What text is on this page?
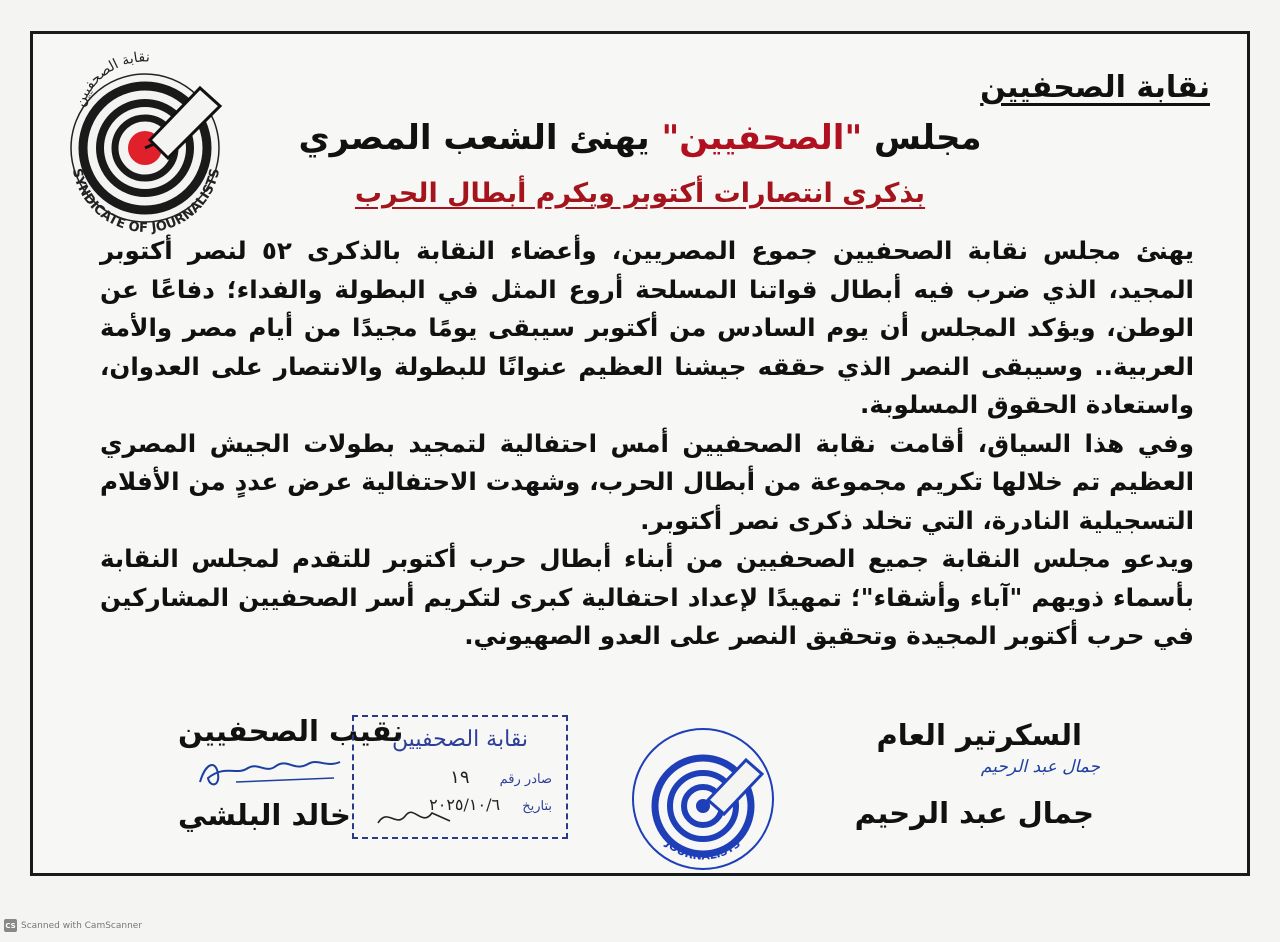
SYNDICATE OF JOURNALISTS
نقابة الصحفيين
نقابة الصحفيين
مجلس "الصحفيين" يهنئ الشعب المصري
بذكرى انتصارات أكتوبر ويكرم أبطال الحرب

يهنئ مجلس نقابة الصحفيين جموع المصريين، وأعضاء النقابة بالذكرى ٥٢ لنصر أكتوبر المجيد، الذي ضرب فيه أبطال قواتنا المسلحة أروع المثل في البطولة والفداء؛ دفاعًا عن الوطن، ويؤكد المجلس أن يوم السادس من أكتوبر سيبقى يومًا مجيدًا من أيام مصر والأمة العربية.. وسيبقى النصر الذي حققه جيشنا العظيم عنوانًا للبطولة والانتصار على العدوان، واستعادة الحقوق المسلوبة.

وفي هذا السياق، أقامت نقابة الصحفيين أمس احتفالية لتمجيد بطولات الجيش المصري العظيم تم خلالها تكريم مجموعة من أبطال الحرب، وشهدت الاحتفالية عرض عددٍ من الأفلام التسجيلية النادرة، التي تخلد ذكرى نصر أكتوبر.

ويدعو مجلس النقابة جميع الصحفيين من أبناء أبطال حرب أكتوبر للتقدم لمجلس النقابة بأسماء ذويهم "آباء وأشقاء"؛ تمهيدًا لإعداد احتفالية كبرى لتكريم أسر الصحفيين المشاركين في حرب أكتوبر المجيدة وتحقيق النصر على العدو الصهيوني.

السكرتير العام
جمال عبد الرحيم
جمال عبد الرحيم
نقيب الصحفيين
خالد البلشي
نقابة الصحفيين
صادر رقم ١٩
بتاريخ ٢٠٢٥/١٠/٦
JOURNALISTS
CS Scanned with CamScanner
